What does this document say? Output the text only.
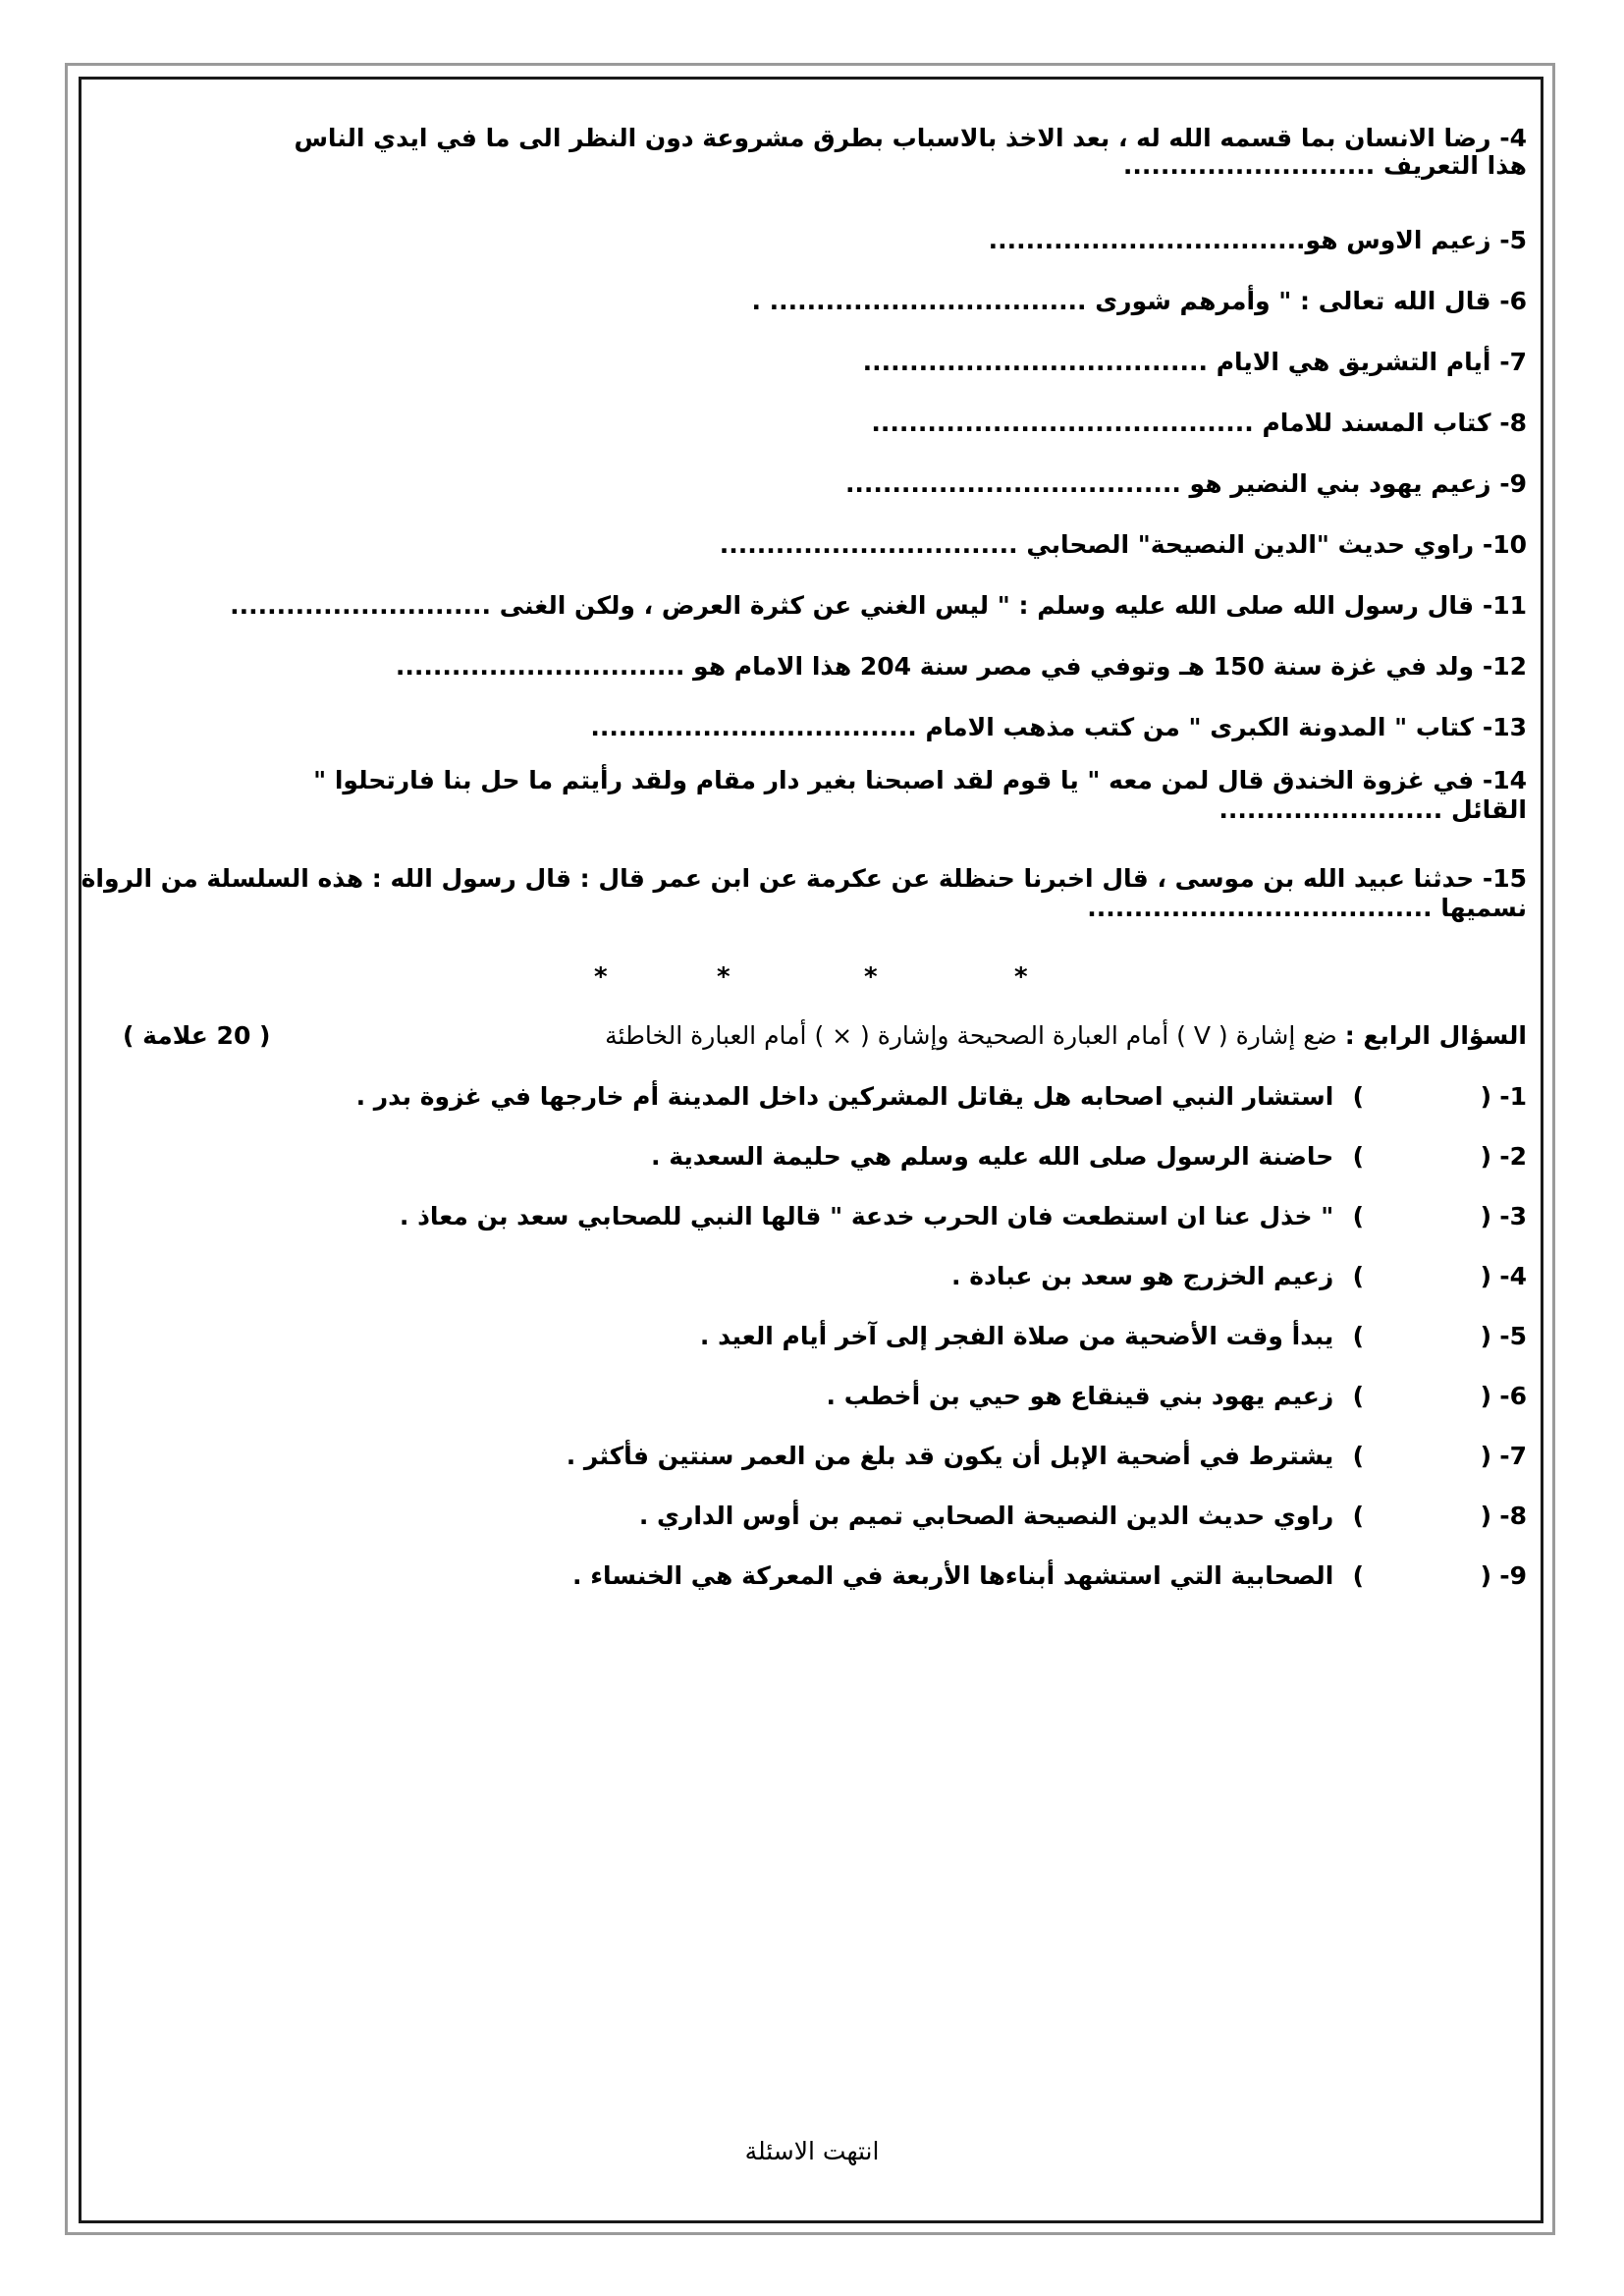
4- رضا الانسان بما قسمه الله له ، بعد الاخذ بالاسباب بطرق مشروعة دون النظر الى ما في ايدي الناس
هذا التعريف ...........................
5- زعيم الاوس هو..................................
6- قال الله تعالى : " وأمرهم شورى .................................. .
7- أيام التشريق هي الايام .....................................
8- كتاب المسند للامام .........................................
9- زعيم يهود بني النضير هو ....................................
10- راوي حديث "الدين النصيحة" الصحابي ................................
11- قال رسول الله صلى الله عليه وسلم : " ليس الغني عن كثرة العرض ، ولكن الغنى ............................
12- ولد في غزة سنة 150 هـ وتوفي في مصر سنة 204 هذا الامام هو ...............................
13- كتاب " المدونة الكبرى " من كتب مذهب الامام ...................................
14- في غزوة الخندق قال لمن معه " يا قوم لقد اصبحنا بغير دار مقام ولقد رأيتم ما حل بنا فارتحلوا "
القائل ........................
15- حدثنا عبيد الله بن موسى ، قال اخبرنا حنظلة عن عكرمة عن ابن عمر قال : قال رسول الله : هذه السلسلة من الرواة
نسميها .....................................
*	*	*	*
السؤال الرابع : ضع إشارة ( V ) أمام العبارة الصحيحة وإشارة ( × ) أمام العبارة الخاطئة
( 20 علامة )
1-() استشار النبي اصحابه هل يقاتل المشركين داخل المدينة أم خارجها في غزوة بدر .
2-() حاضنة الرسول صلى الله عليه وسلم هي حليمة السعدية .
3-() " خذل عنا ان استطعت فان الحرب خدعة " قالها النبي للصحابي سعد بن معاذ .
4-() زعيم الخزرج هو سعد بن عبادة .
5-() يبدأ وقت الأضحية من صلاة الفجر إلى آخر أيام العيد .
6-() زعيم يهود بني قينقاع هو حيي بن أخطب .
7-() يشترط في أضحية الإبل أن يكون قد بلغ من العمر سنتين فأكثر .
8-() راوي حديث الدين النصيحة الصحابي تميم بن أوس الداري .
9-() الصحابية التي استشهد أبناءها الأربعة في المعركة هي الخنساء .
انتهت الاسئلة
